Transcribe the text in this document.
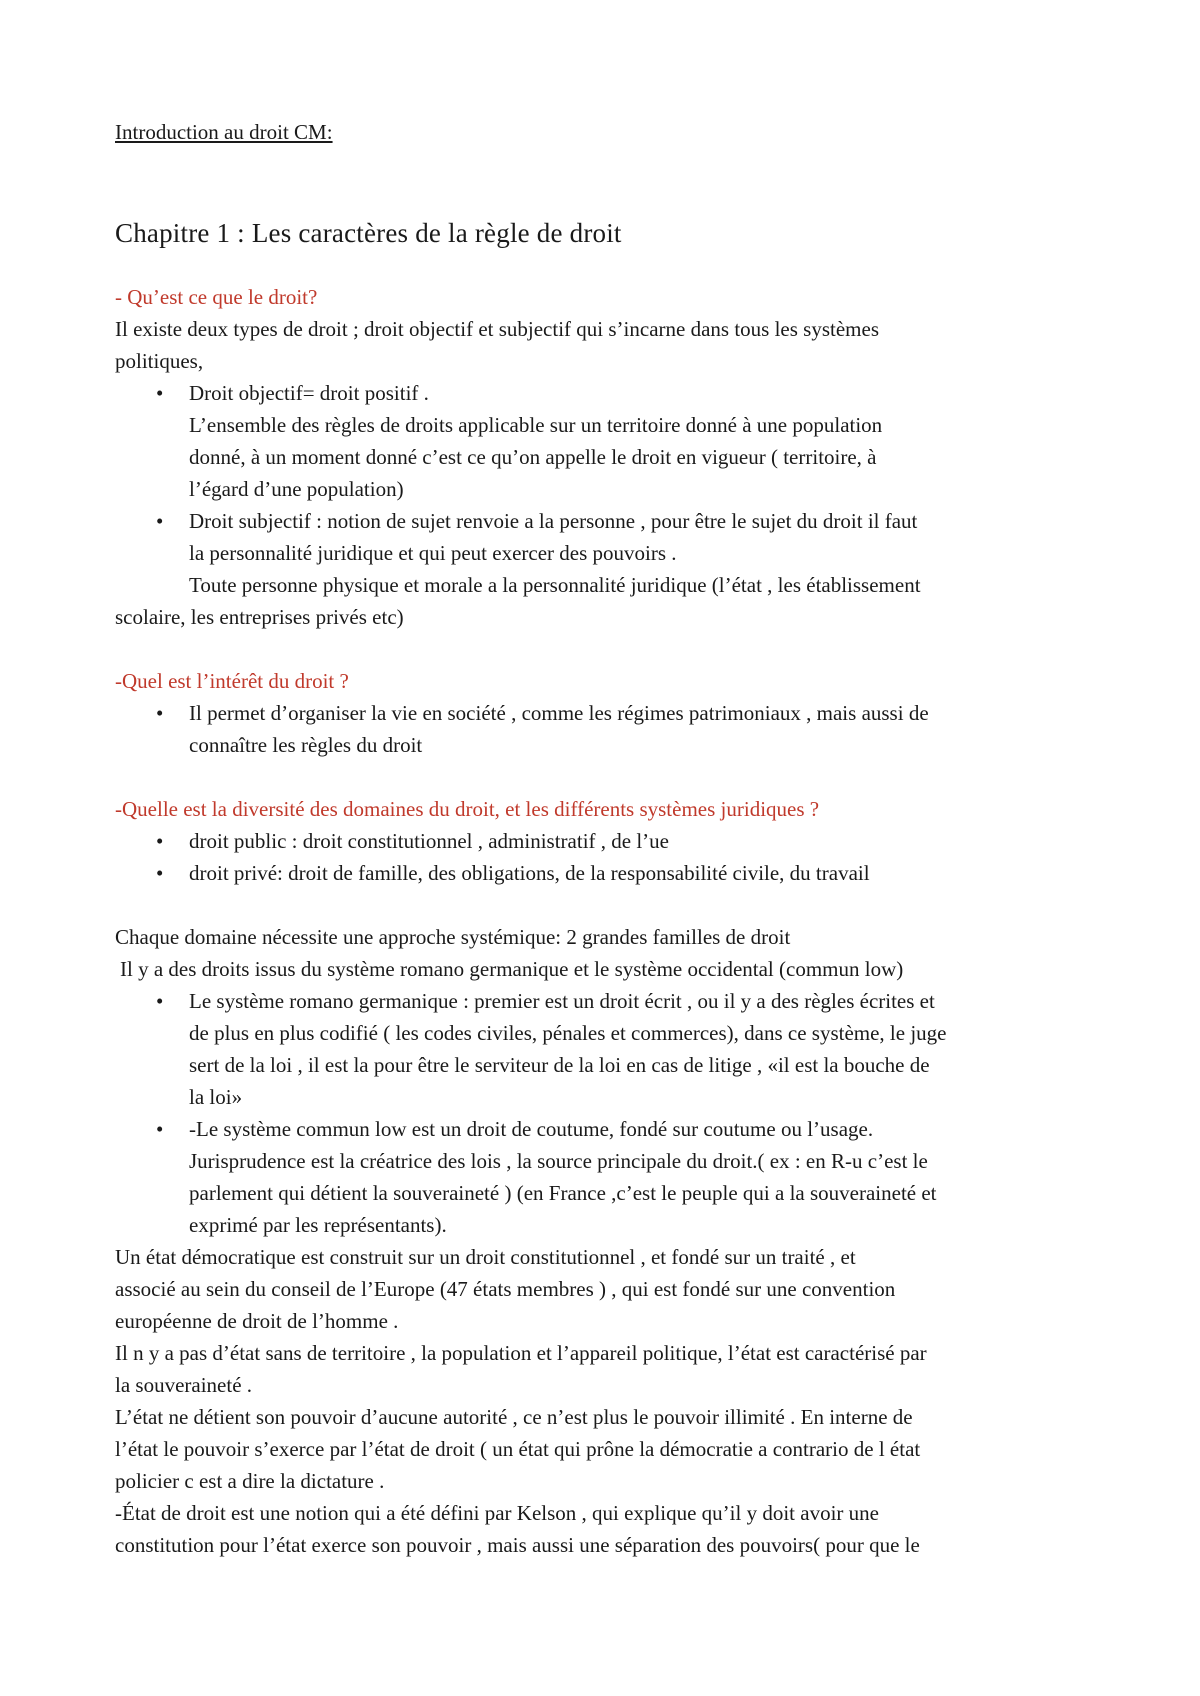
Introduction au droit CM:
Chapitre 1 : Les caractères de la règle de droit
- Qu’est ce que le droit?
Il existe deux types de droit ; droit objectif et subjectif qui s’incarne dans tous les systèmes
politiques,
• Droit objectif= droit positif .
L’ensemble des règles de droits applicable sur un territoire donné à une population
donné, à un moment donné c’est ce qu’on appelle le droit en vigueur ( territoire, à
l’égard d’une population)
• Droit subjectif : notion de sujet renvoie a la personne , pour être le sujet du droit il faut
la personnalité juridique et qui peut exercer des pouvoirs .
Toute personne physique et morale a la personnalité juridique (l’état , les établissement
scolaire, les entreprises privés etc)
-Quel est l’intérêt du droit ?
• Il permet d’organiser la vie en société , comme les régimes patrimoniaux , mais aussi de
connaître les règles du droit
-Quelle est la diversité des domaines du droit, et les différents systèmes juridiques ?
• droit public : droit constitutionnel , administratif , de l’ue
• droit privé: droit de famille, des obligations, de la responsabilité civile, du travail
Chaque domaine nécessite une approche systémique: 2 grandes familles de droit
Il y a des droits issus du système romano germanique et le système occidental (commun low)
• Le système romano germanique : premier est un droit écrit , ou il y a des règles écrites et
de plus en plus codifié ( les codes civiles, pénales et commerces), dans ce système, le juge
sert de la loi , il est la pour être le serviteur de la loi en cas de litige , «il est la bouche de
la loi»
• -Le système commun low est un droit de coutume, fondé sur coutume ou l’usage.
Jurisprudence est la créatrice des lois , la source principale du droit.( ex : en R-u c’est le
parlement qui détient la souveraineté ) (en France ,c’est le peuple qui a la souveraineté et
exprimé par les représentants).
Un état démocratique est construit sur un droit constitutionnel , et fondé sur un traité , et
associé au sein du conseil de l’Europe (47 états membres ) , qui est fondé sur une convention
européenne de droit de l’homme .
Il n y a pas d’état sans de territoire , la population et l’appareil politique, l’état est caractérisé par
la souveraineté .
L’état ne détient son pouvoir d’aucune autorité , ce n’est plus le pouvoir illimité . En interne de
l’état le pouvoir s’exerce par l’état de droit ( un état qui prône la démocratie a contrario de l état
policier c est a dire la dictature .
-État de droit est une notion qui a été défini par Kelson , qui explique qu’il y doit avoir une
constitution pour l’état exerce son pouvoir , mais aussi une séparation des pouvoirs( pour que le
